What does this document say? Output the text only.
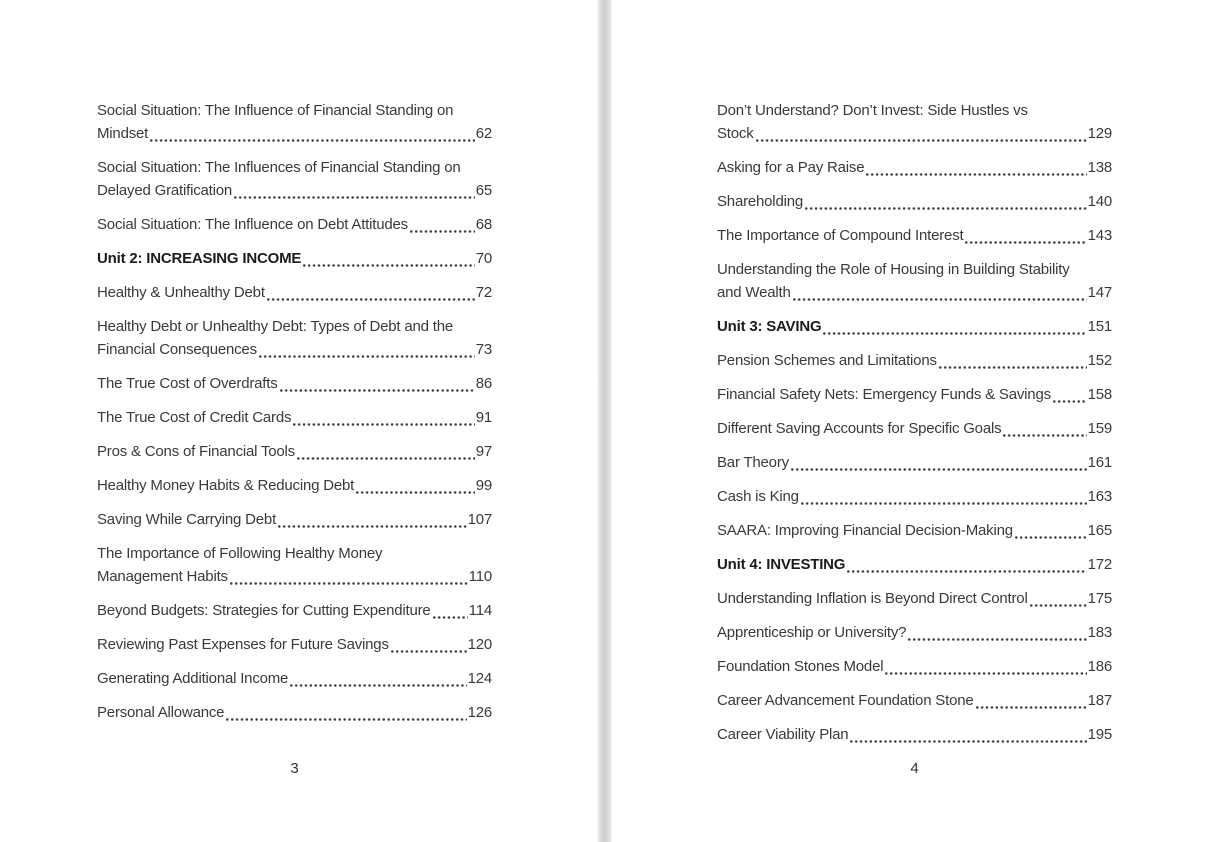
Social Situation: The Influence of Financial Standing on
Mindset	62
Social Situation: The Influences of Financial Standing on
Delayed Gratification	65
Social Situation: The Influence on Debt Attitudes	68
Unit 2: INCREASING INCOME	70
Healthy & Unhealthy Debt	72
Healthy Debt or Unhealthy Debt: Types of Debt and the
Financial Consequences	73
The True Cost of Overdrafts	86
The True Cost of Credit Cards	91
Pros & Cons of Financial Tools	97
Healthy Money Habits & Reducing Debt	99
Saving While Carrying Debt	107
The Importance of Following Healthy Money
Management Habits	110
Beyond Budgets: Strategies for Cutting Expenditure	114
Reviewing Past Expenses for Future Savings	120
Generating Additional Income	124
Personal Allowance	126
3
Don’t Understand? Don’t Invest: Side Hustles vs
Stock	129
Asking for a Pay Raise	138
Shareholding	140
The Importance of Compound Interest	143
Understanding the Role of Housing in Building Stability
and Wealth	147
Unit 3: SAVING	151
Pension Schemes and Limitations	152
Financial Safety Nets: Emergency Funds & Savings 158
Different Saving Accounts for Specific Goals	159
Bar Theory	161
Cash is King	163
SAARA: Improving Financial Decision-Making	165
Unit 4: INVESTING	172
Understanding Inflation is Beyond Direct Control	175
Apprenticeship or University?	183
Foundation Stones Model	186
Career Advancement Foundation Stone	187
Career Viability Plan	195
4
